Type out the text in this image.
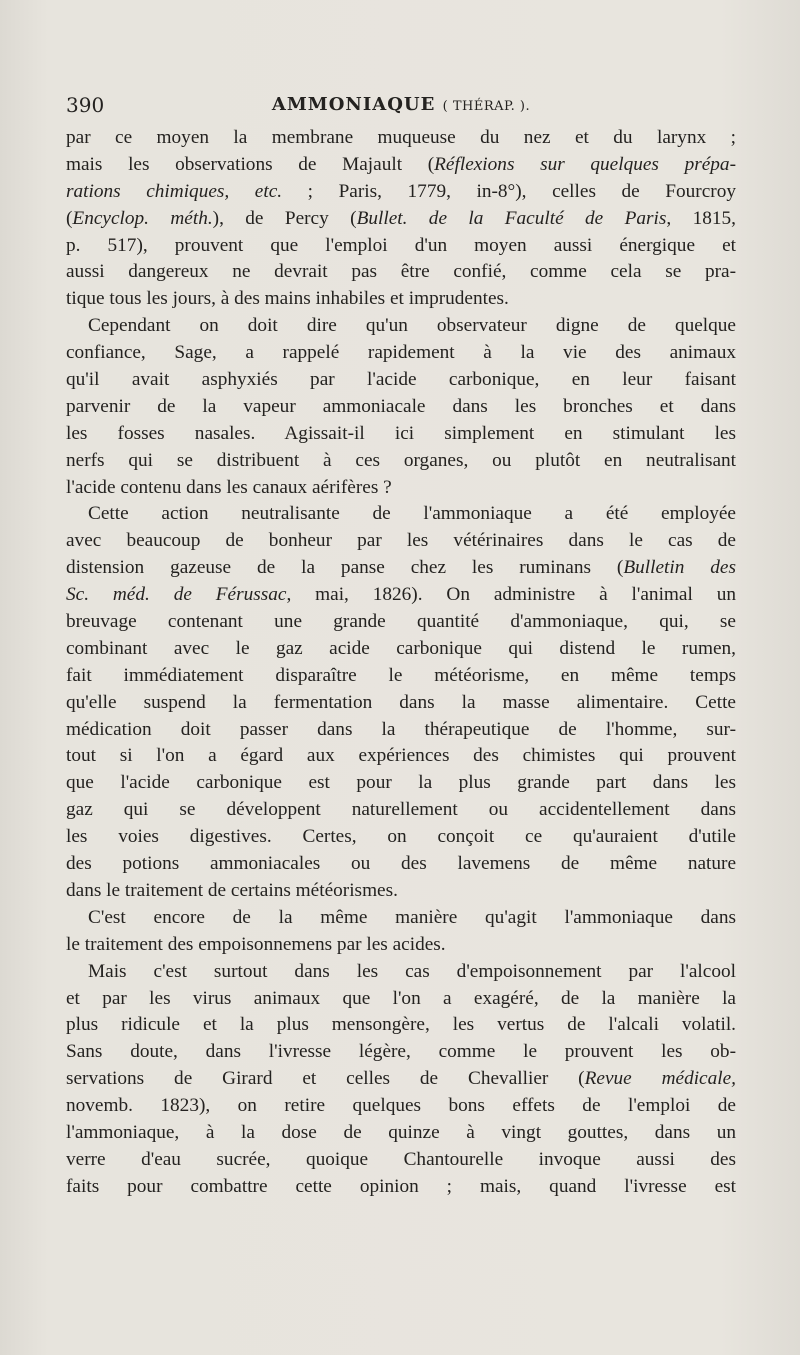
390	AMMONIAQUE ( THÉRAP. ).
par ce moyen la membrane muqueuse du nez et du larynx ;
mais les observations de Majault (Réflexions sur quelques prépa-
rations chimiques, etc. ; Paris, 1779, in-8°), celles de Fourcroy
(Encyclop. méth.), de Percy (Bullet. de la Faculté de Paris, 1815,
p. 517), prouvent que l'emploi d'un moyen aussi énergique et
aussi dangereux ne devrait pas être confié, comme cela se pra-
tique tous les jours, à des mains inhabiles et imprudentes.
Cependant on doit dire qu'un observateur digne de quelque
confiance, Sage, a rappelé rapidement à la vie des animaux
qu'il avait asphyxiés par l'acide carbonique, en leur faisant
parvenir de la vapeur ammoniacale dans les bronches et dans
les fosses nasales. Agissait-il ici simplement en stimulant les
nerfs qui se distribuent à ces organes, ou plutôt en neutralisant
l'acide contenu dans les canaux aérifères ?
Cette action neutralisante de l'ammoniaque a été employée
avec beaucoup de bonheur par les vétérinaires dans le cas de
distension gazeuse de la panse chez les ruminans (Bulletin des
Sc. méd. de Férussac, mai, 1826). On administre à l'animal un
breuvage contenant une grande quantité d'ammoniaque, qui, se
combinant avec le gaz acide carbonique qui distend le rumen,
fait immédiatement disparaître le météorisme, en même temps
qu'elle suspend la fermentation dans la masse alimentaire. Cette
médication doit passer dans la thérapeutique de l'homme, sur-
tout si l'on a égard aux expériences des chimistes qui prouvent
que l'acide carbonique est pour la plus grande part dans les
gaz qui se développent naturellement ou accidentellement dans
les voies digestives. Certes, on conçoit ce qu'auraient d'utile
des potions ammoniacales ou des lavemens de même nature
dans le traitement de certains météorismes.
C'est encore de la même manière qu'agit l'ammoniaque dans
le traitement des empoisonnemens par les acides.
Mais c'est surtout dans les cas d'empoisonnement par l'alcool
et par les virus animaux que l'on a exagéré, de la manière la
plus ridicule et la plus mensongère, les vertus de l'alcali volatil.
Sans doute, dans l'ivresse légère, comme le prouvent les ob-
servations de Girard et celles de Chevallier (Revue médicale,
novemb. 1823), on retire quelques bons effets de l'emploi de
l'ammoniaque, à la dose de quinze à vingt gouttes, dans un
verre d'eau sucrée, quoique Chantourelle invoque aussi des
faits pour combattre cette opinion ; mais, quand l'ivresse est
